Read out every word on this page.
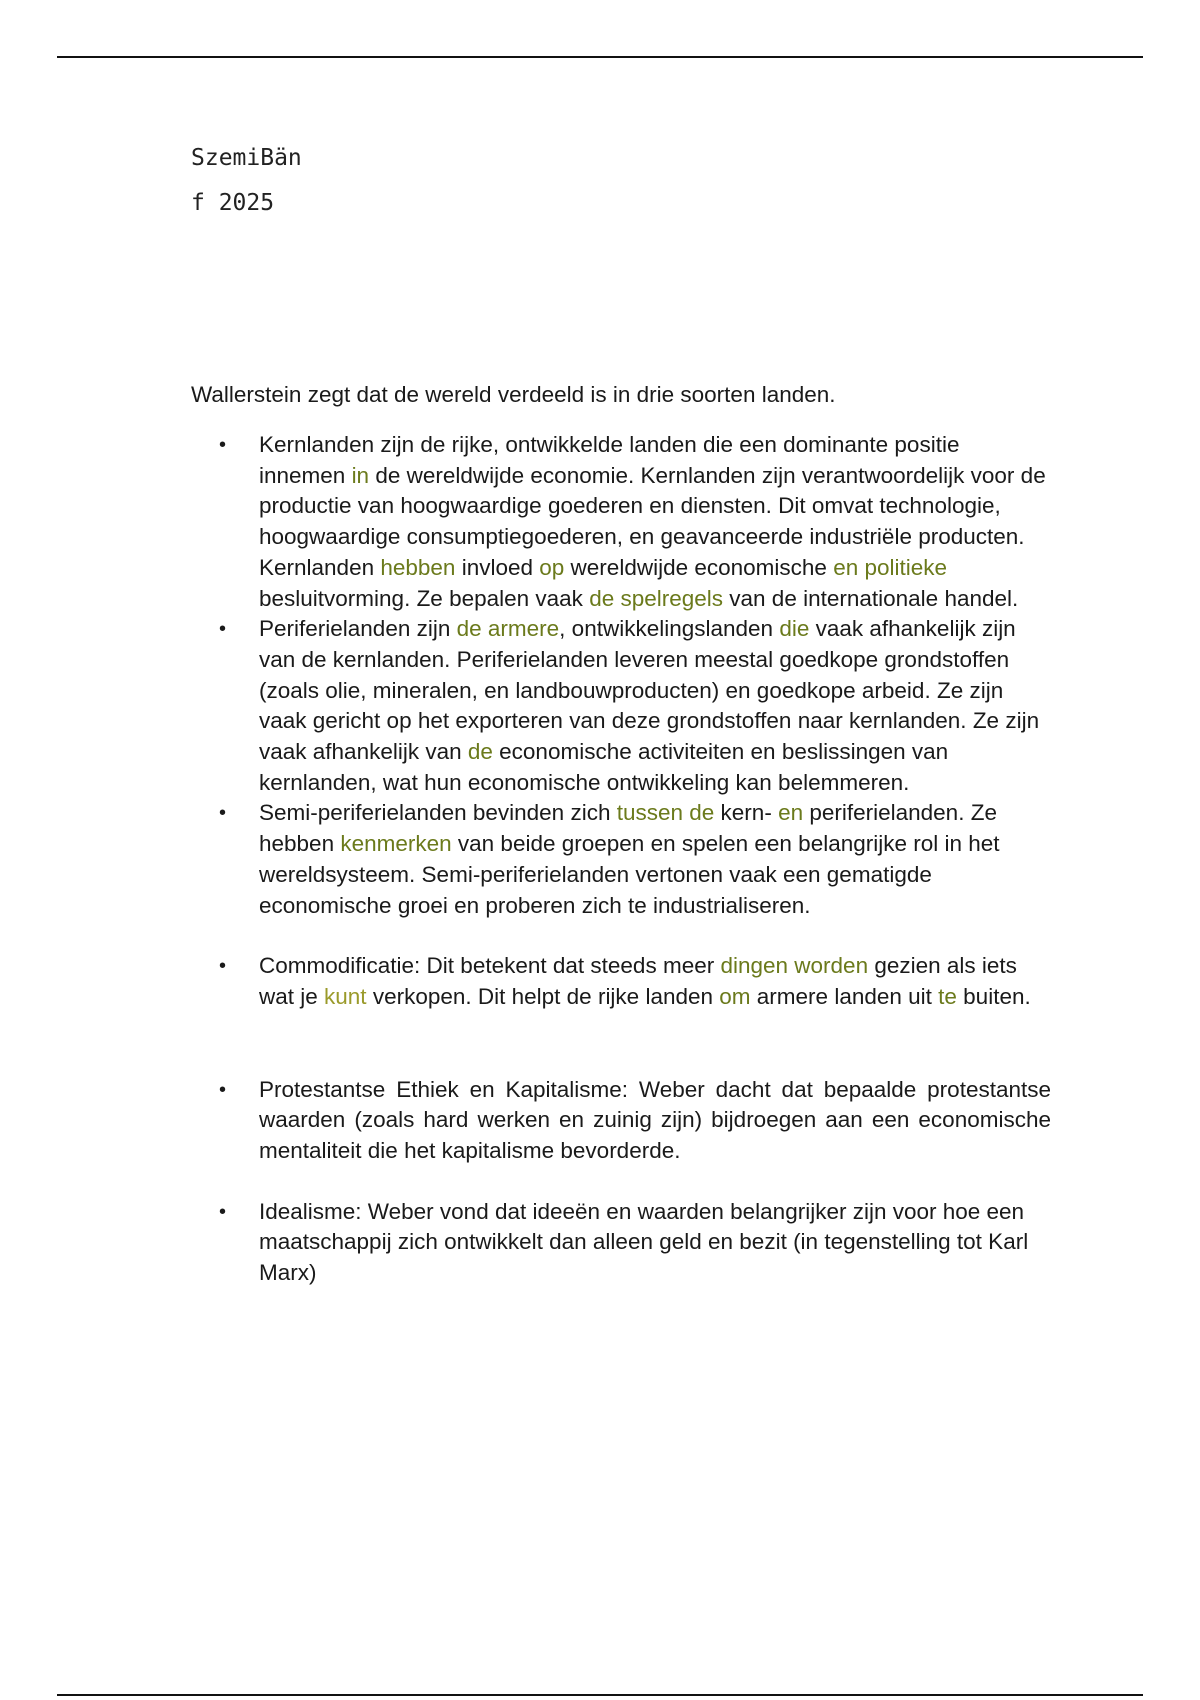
SzemiBän
f 2025

Wallerstein zegt dat de wereld verdeeld is in drie soorten landen.

• Kernlanden zijn de rijke, ontwikkelde landen die een dominante positie innemen in de wereldwijde economie. Kernlanden zijn verantwoordelijk voor de productie van hoogwaardige goederen en diensten. Dit omvat technologie, hoogwaardige consumptiegoederen, en geavanceerde industriële producten. Kernlanden hebben invloed op wereldwijde economische en politieke besluitvorming. Ze bepalen vaak de spelregels van de internationale handel.
• Periferielanden zijn de armere, ontwikkelingslanden die vaak afhankelijk zijn van de kernlanden. Periferielanden leveren meestal goedkope grondstoffen (zoals olie, mineralen, en landbouwproducten) en goedkope arbeid. Ze zijn vaak gericht op het exporteren van deze grondstoffen naar kernlanden. Ze zijn vaak afhankelijk van de economische activiteiten en beslissingen van kernlanden, wat hun economische ontwikkeling kan belemmeren.
• Semi-periferielanden bevinden zich tussen de kern- en periferielanden. Ze hebben kenmerken van beide groepen en spelen een belangrijke rol in het wereldsysteem. Semi-periferielanden vertonen vaak een gematigde economische groei en proberen zich te industrialiseren.
• Commodificatie: Dit betekent dat steeds meer dingen worden gezien als iets wat je kunt verkopen. Dit helpt de rijke landen om armere landen uit te buiten.
• Protestantse Ethiek en Kapitalisme: Weber dacht dat bepaalde protestantse waarden (zoals hard werken en zuinig zijn) bijdroegen aan een economische mentaliteit die het kapitalisme bevorderde.
• Idealisme: Weber vond dat ideeën en waarden belangrijker zijn voor hoe een maatschappij zich ontwikkelt dan alleen geld en bezit (in tegenstelling tot Karl Marx)
